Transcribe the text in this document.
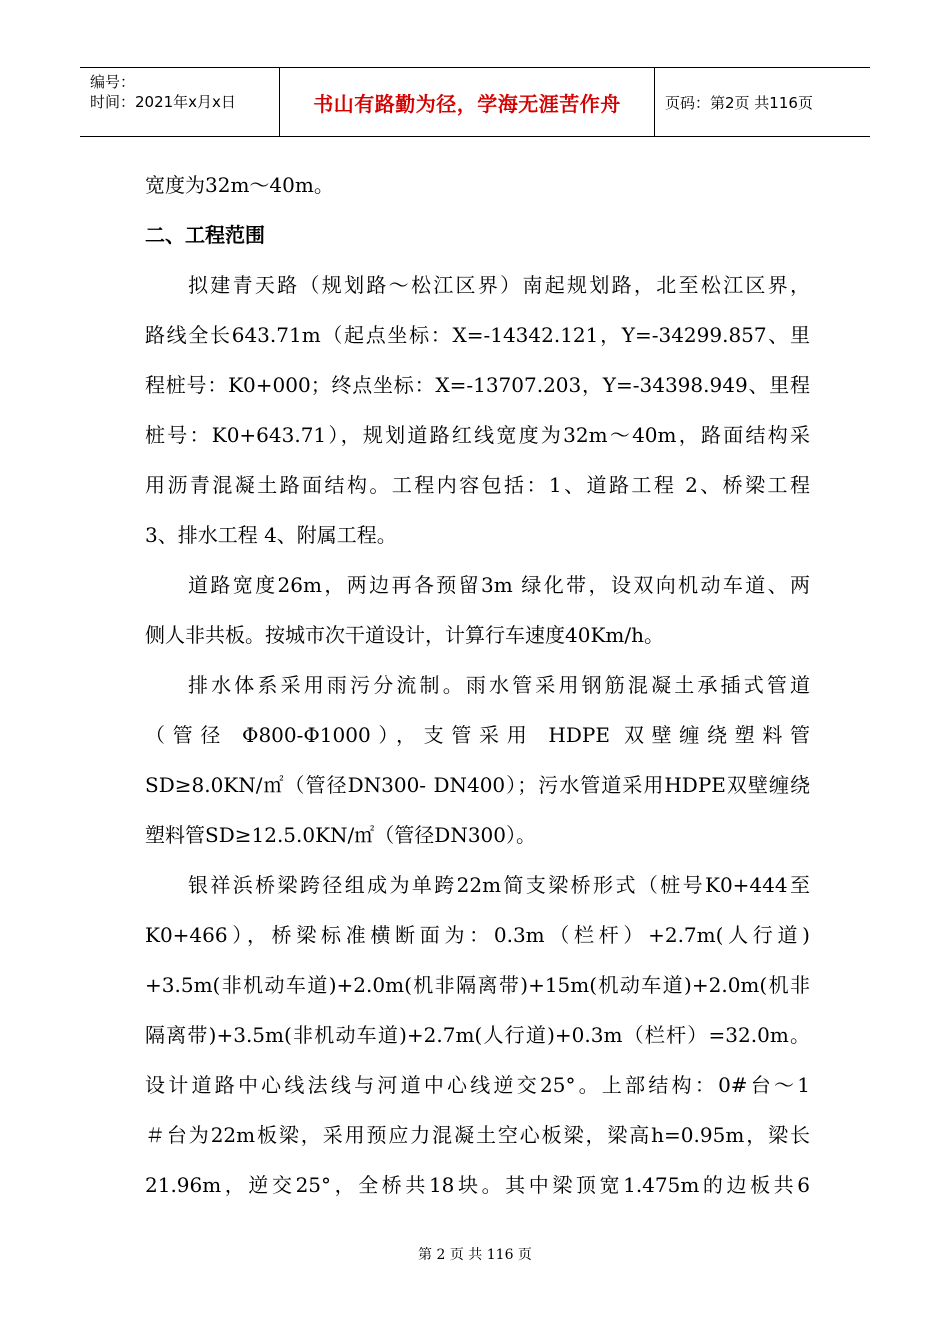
编号：
时间：2021年x月x日	书山有路勤为径，学海无涯苦作舟	页码：第2页 共116页
宽度为32m～40m。
二、工程范围
拟建青天路（规划路～松江区界）南起规划路，北至松江区界，
路线全长643.71m（起点坐标：X=-14342.121，Y=-34299.857、里
程桩号：K0+000；终点坐标：X=-13707.203，Y=-34398.949、里程
桩号：K0+643.71），规划道路红线宽度为32m～40m，路面结构采
用沥青混凝土路面结构。工程内容包括：1、道路工程 2、桥梁工程
3、排水工程 4、附属工程。
道路宽度26m，两边再各预留3m 绿化带，设双向机动车道、两
侧人非共板。按城市次干道设计，计算行车速度40Km/h。
排水体系采用雨污分流制。雨水管采用钢筋混凝土承插式管道
（管径 Φ800-Φ1000），支管采用 HDPE 双壁缠绕塑料管
SD≥8.0KN/㎡（管径DN300- DN400）；污水管道采用HDPE双壁缠绕
塑料管SD≥12.5.0KN/㎡（管径DN300）。
银祥浜桥梁跨径组成为单跨22m简支梁桥形式（桩号K0+444至
K0+466），桥梁标准横断面为：0.3m（栏杆）+2.7m(人行道)
+3.5m(非机动车道)+2.0m(机非隔离带)+15m(机动车道)+2.0m(机非
隔离带)+3.5m(非机动车道)+2.7m(人行道)+0.3m（栏杆）=32.0m。
设计道路中心线法线与河道中心线逆交25°。上部结构：0#台～1
＃台为22m板梁，采用预应力混凝土空心板梁，梁高h=0.95m，梁长
21.96m，逆交25°，全桥共18块。其中梁顶宽1.475m的边板共6
第 2 页 共 116 页
